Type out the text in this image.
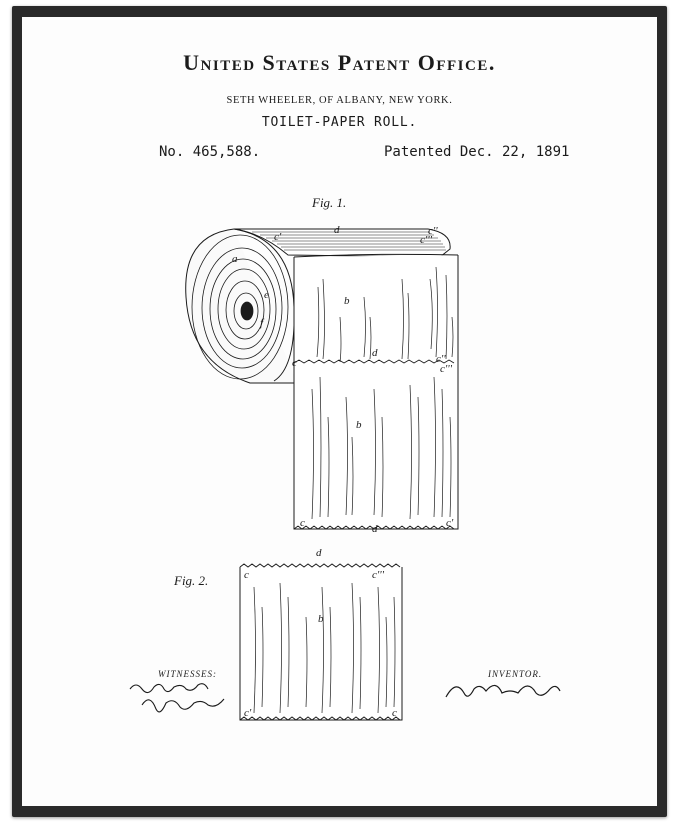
United States Patent Office.
SETH WHEELER, OF ALBANY, NEW YORK.
TOILET-PAPER ROLL.
No. 465,588.	Patented Dec. 22, 1891
Fig. 1.
Fig. 2.
d
c'	c''
c'''
a
e
f
b
d
c	c''
c'''
b
c	d	c'
d
c	c'''
b
c'	c
WITNESSES:	INVENTOR.
